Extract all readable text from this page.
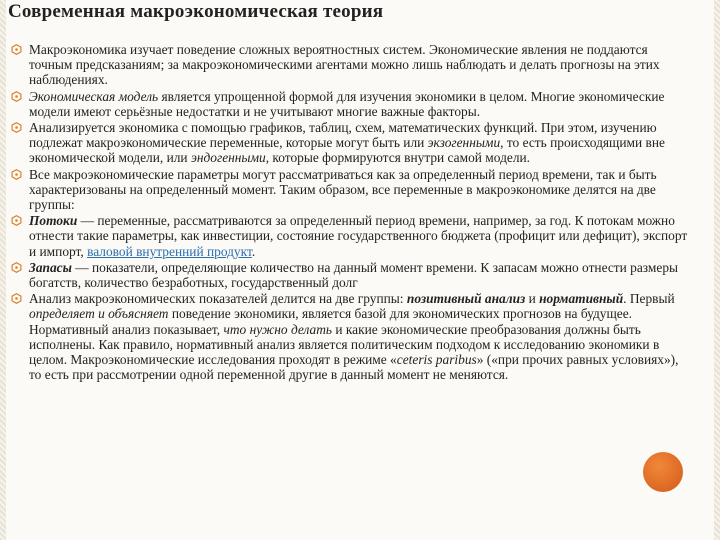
Современная макроэкономическая теория
Макроэкономика изучает поведение сложных вероятностных систем. Экономические явления не поддаются точным предсказаниям; за макроэкономическими агентами можно лишь наблюдать и делать прогнозы на этих наблюдениях.
Экономическая модель является упрощенной формой для изучения экономики в целом. Многие экономические модели имеют серьёзные недостатки и не учитывают многие важные факторы.
Анализируется экономика с помощью графиков, таблиц, схем, математических функций. При этом, изучению подлежат макроэкономические переменные, которые могут быть или экзогенными, то есть происходящими вне экономической модели, или эндогенными, которые формируются внутри самой модели.
Все макроэкономические параметры могут рассматриваться как за определенный период времени, так и быть характеризованы на определенный момент. Таким образом, все переменные в макроэкономике делятся на две группы:
Потоки — переменные, рассматриваются за определенный период времени, например, за год. К потокам можно отнести такие параметры, как инвестиции, состояние государственного бюджета (профицит или дефицит), экспорт и импорт, валовой внутренний продукт.
Запасы — показатели, определяющие количество на данный момент времени. К запасам можно отнести размеры богатств, количество безработных, государственный долг
Анализ макроэкономических показателей делится на две группы: позитивный анализ и нормативный. Первый определяет и объясняет поведение экономики, является базой для экономических прогнозов на будущее. Нормативный анализ показывает, что нужно делать и какие экономические преобразования должны быть исполнены. Как правило, нормативный анализ является политическим подходом к исследованию экономики в целом. Макроэкономические исследования проходят в режиме «ceteris paribus» («при прочих равных условиях»), то есть при рассмотрении одной переменной другие в данный момент не меняются.
